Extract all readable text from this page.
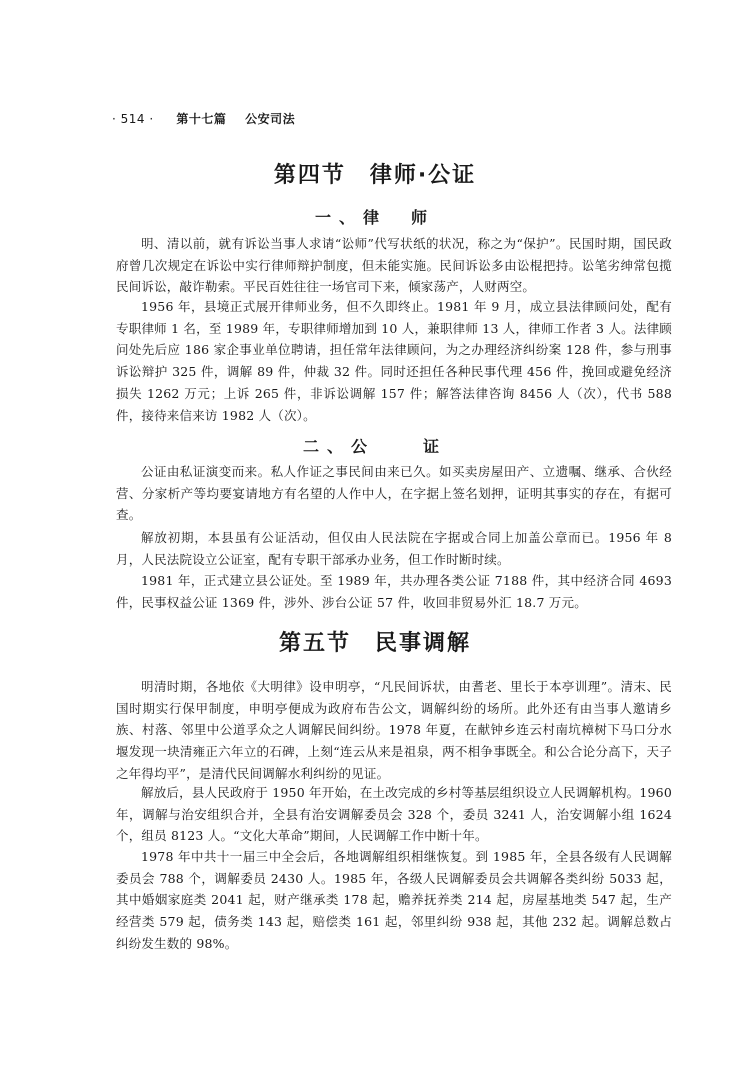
· 514 · 第十七篇 公安司法
第四节　律师·公证
一、律　师

明、清以前，就有诉讼当事人求请“讼师”代写状纸的状况，称之为“保护”。民国时期，国民政府曾几次规定在诉讼中实行律师辩护制度，但未能实施。民间诉讼多由讼棍把持。讼笔劣绅常包揽民间诉讼，敲诈勒索。平民百姓往往一场官司下来，倾家荡产，人财两空。

1956 年，县境正式展开律师业务，但不久即终止。1981 年 9 月，成立县法律顾问处，配有专职律师 1 名，至 1989 年，专职律师增加到 10 人，兼职律师 13 人，律师工作者 3 人。法律顾问处先后应 186 家企事业单位聘请，担任常年法律顾问，为之办理经济纠纷案 128 件，参与刑事诉讼辩护 325 件，调解 89 件，仲裁 32 件。同时还担任各种民事代理 456 件，挽回或避免经济损失 1262 万元；上诉 265 件，非诉讼调解 157 件；解答法律咨询 8456 人（次），代书 588 件，接待来信来访 1982 人（次）。

二、公　　证

公证由私证演变而来。私人作证之事民间由来已久。如买卖房屋田产、立遗嘱、继承、合伙经营、分家析产等均要宴请地方有名望的人作中人，在字据上签名划押，证明其事实的存在，有据可查。

解放初期，本县虽有公证活动，但仅由人民法院在字据或合同上加盖公章而已。1956 年 8 月，人民法院设立公证室，配有专职干部承办业务，但工作时断时续。

1981 年，正式建立县公证处。至 1989 年，共办理各类公证 7188 件，其中经济合同 4693 件，民事权益公证 1369 件，涉外、涉台公证 57 件，收回非贸易外汇 18.7 万元。

第五节　民事调解

明清时期，各地依《大明律》设申明亭，“凡民间诉状，由耆老、里长于本亭训理”。清末、民国时期实行保甲制度，申明亭便成为政府布告公文，调解纠纷的场所。此外还有由当事人邀请乡族、村落、邻里中公道孚众之人调解民间纠纷。1978 年夏，在献钟乡连云村南坑樟树下马口分水堰发现一块清雍正六年立的石碑，上刻“连云从来是祖泉，两不相争事既全。和公合论分高下，天子之年得均平”，是清代民间调解水利纠纷的见证。

解放后，县人民政府于 1950 年开始，在土改完成的乡村等基层组织设立人民调解机构。1960 年，调解与治安组织合并，全县有治安调解委员会 328 个，委员 3241 人，治安调解小组 1624 个，组员 8123 人。“文化大革命”期间，人民调解工作中断十年。

1978 年中共十一届三中全会后，各地调解组织相继恢复。到 1985 年，全县各级有人民调解委员会 788 个，调解委员 2430 人。1985 年，各级人民调解委员会共调解各类纠纷 5033 起，其中婚姻家庭类 2041 起，财产继承类 178 起，赡养抚养类 214 起，房屋基地类 547 起，生产经营类 579 起，债务类 143 起，赔偿类 161 起，邻里纠纷 938 起，其他 232 起。调解总数占纠纷发生数的 98%。
